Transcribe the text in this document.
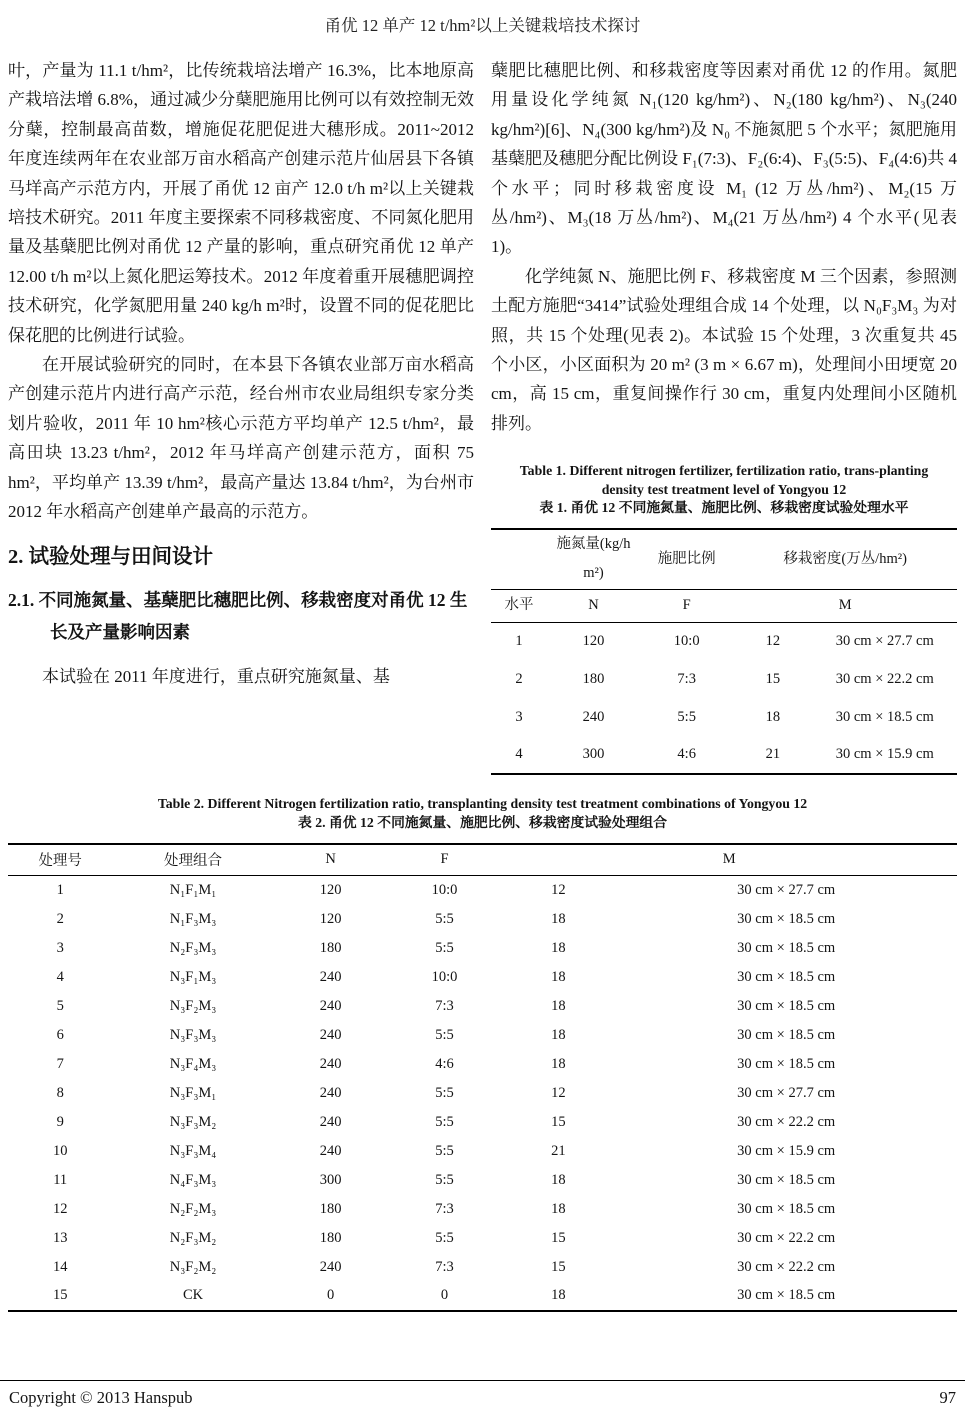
甬优 12 单产 12 t/hm²以上关键栽培技术探讨

叶，产量为 11.1 t/hm²，比传统栽培法增产 16.3%，比本地原高产栽培法增 6.8%，通过减少分蘖肥施用比例可以有效控制无效分蘖，控制最高苗数，增施促花肥促进大穗形成。2011~2012 年度连续两年在农业部万亩水稻高产创建示范片仙居县下各镇马垟高产示范方内，开展了甬优 12 亩产 12.0 t/h m²以上关键栽培技术研究。2011 年度主要探索不同移栽密度、不同氮化肥用量及基蘖肥比例对甬优 12 产量的影响，重点研究甬优 12 单产 12.00 t/h m²以上氮化肥运筹技术。2012 年度着重开展穗肥调控技术研究，化学氮肥用量 240 kg/h m²时，设置不同的促花肥比保花肥的比例进行试验。

在开展试验研究的同时，在本县下各镇农业部万亩水稻高产创建示范片内进行高产示范，经台州市农业局组织专家分类划片验收，2011 年 10 hm²核心示范方平均单产 12.5 t/hm²，最高田块 13.23 t/hm²，2012 年马垟高产创建示范方，面积 75 hm²，平均单产 13.39 t/hm²，最高产量达 13.84 t/hm²，为台州市 2012 年水稻高产创建单产最高的示范方。

2. 试验处理与田间设计
2.1. 不同施氮量、基蘖肥比穗肥比例、移栽密度对甬优 12 生长及产量影响因素

本试验在 2011 年度进行，重点研究施氮量、基

蘖肥比穗肥比例、和移栽密度等因素对甬优 12 的作用。氮肥用量设化学纯氮 N₁(120 kg/hm²)、N₂(180 kg/hm²)、N₃(240 kg/hm²)[6]、N₄(300 kg/hm²)及 N₀ 不施氮肥 5 个水平；氮肥施用基蘖肥及穗肥分配比例设 F₁(7:3)、F₂(6:4)、F₃(5:5)、F₄(4:6)共 4 个水平；同时移栽密度设 M₁ (12 万丛/hm²)、M₂(15 万丛/hm²)、M₃(18 万丛/hm²)、M₄(21 万丛/hm²) 4 个水平(见表 1)。

化学纯氮 N、施肥比例 F、移栽密度 M 三个因素，参照测土配方施肥“3414”试验处理组合成 14 个处理，以 N₀F₃M₃ 为对照，共 15 个处理(见表 2)。本试验 15 个处理，3 次重复共 45 个小区，小区面积为 20 m² (3 m × 6.67 m)，处理间小田埂宽 20 cm，高 15 cm，重复间操作行 30 cm，重复内处理间小区随机排列。

Table 1. Different nitrogen fertilizer, fertilization ratio, trans-planting density test treatment level of Yongyou 12
表 1. 甬优 12 不同施氮量、施肥比例、移栽密度试验处理水平
	施氮量(kg/h m²)	施肥比例	移栽密度(万丛/hm²)	
水平	N	F	M	
1	120	10:0	12	30 cm × 27.7 cm
2	180	7:3	15	30 cm × 22.2 cm
3	240	5:5	18	30 cm × 18.5 cm
4	300	4:6	21	30 cm × 15.9 cm
Table 2. Different Nitrogen fertilization ratio, transplanting density test treatment combinations of Yongyou 12
表 2. 甬优 12 不同施氮量、施肥比例、移栽密度试验处理组合
处理号	处理组合	N	F	M	
1	N₁F₁M₁	120	10:0	12	30 cm × 27.7 cm
2	N₁F₃M₃	120	5:5	18	30 cm × 18.5 cm
3	N₂F₃M₃	180	5:5	18	30 cm × 18.5 cm
4	N₃F₁M₃	240	10:0	18	30 cm × 18.5 cm
5	N₃F₂M₃	240	7:3	18	30 cm × 18.5 cm
6	N₃F₃M₃	240	5:5	18	30 cm × 18.5 cm
7	N₃F₄M₃	240	4:6	18	30 cm × 18.5 cm
8	N₃F₃M₁	240	5:5	12	30 cm × 27.7 cm
9	N₃F₃M₂	240	5:5	15	30 cm × 22.2 cm
10	N₃F₃M₄	240	5:5	21	30 cm × 15.9 cm
11	N₄F₃M₃	300	5:5	18	30 cm × 18.5 cm
12	N₂F₂M₃	180	7:3	18	30 cm × 18.5 cm
13	N₂F₃M₂	180	5:5	15	30 cm × 22.2 cm
14	N₃F₂M₂	240	7:3	15	30 cm × 22.2 cm
15	CK	0	0	18	30 cm × 18.5 cm
Copyright © 2013 Hanspub	97
